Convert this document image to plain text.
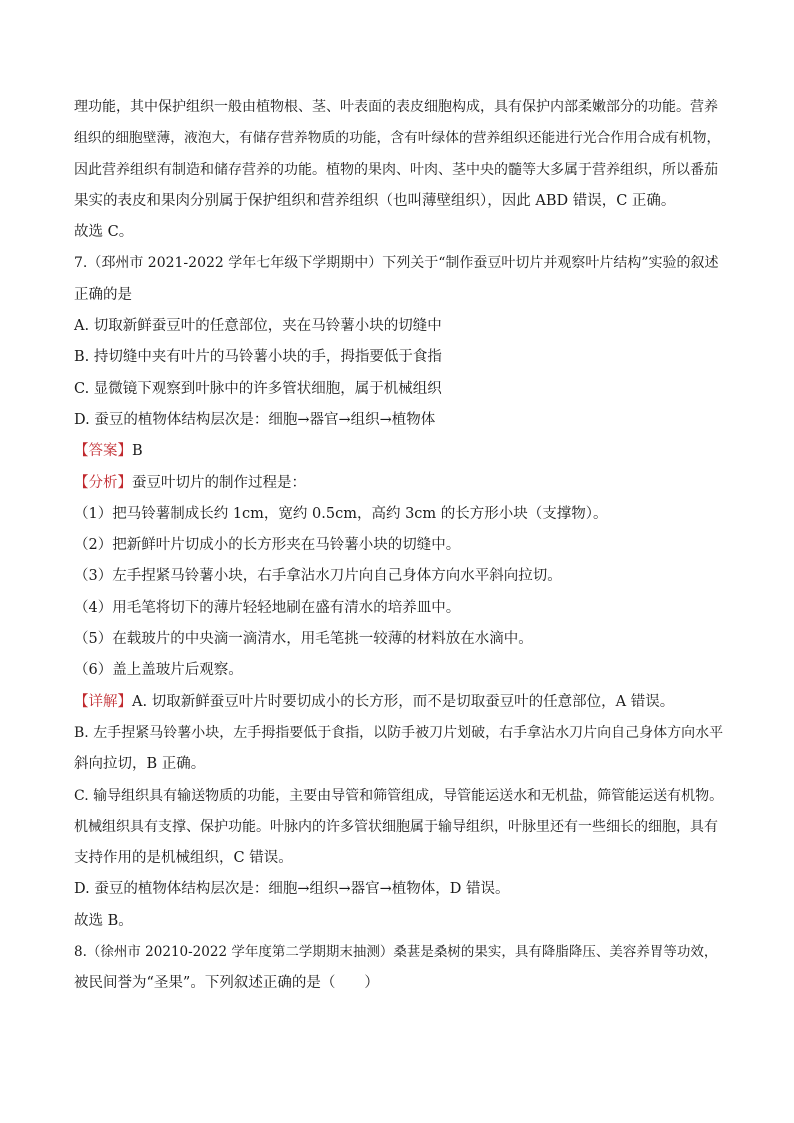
理功能，其中保护组织一般由植物根、茎、叶表面的表皮细胞构成，具有保护内部柔嫩部分的功能。营养
组织的细胞壁薄，液泡大，有储存营养物质的功能，含有叶绿体的营养组织还能进行光合作用合成有机物，
因此营养组织有制造和储存营养的功能。植物的果肉、叶肉、茎中央的髓等大多属于营养组织，所以番茄
果实的表皮和果肉分别属于保护组织和营养组织（也叫薄壁组织），因此 ABD 错误，C 正确。
故选 C。
7.（邳州市 2021-2022 学年七年级下学期期中）下列关于“制作蚕豆叶切片并观察叶片结构”实验的叙述
正确的是
A. 切取新鲜蚕豆叶的任意部位，夹在马铃薯小块的切缝中
B. 持切缝中夹有叶片的马铃薯小块的手，拇指要低于食指
C. 显微镜下观察到叶脉中的许多管状细胞，属于机械组织
D. 蚕豆的植物体结构层次是：细胞→器官→组织→植物体
【答案】B
【分析】蚕豆叶切片的制作过程是：
（1）把马铃薯制成长约 1cm，宽约 0.5cm，高约 3cm 的长方形小块（支撑物）。
（2）把新鲜叶片切成小的长方形夹在马铃薯小块的切缝中。
（3）左手捏紧马铃薯小块，右手拿沾水刀片向自己身体方向水平斜向拉切。
（4）用毛笔将切下的薄片轻轻地刷在盛有清水的培养皿中。
（5）在载玻片的中央滴一滴清水，用毛笔挑一较薄的材料放在水滴中。
（6）盖上盖玻片后观察。
【详解】A. 切取新鲜蚕豆叶片时要切成小的长方形，而不是切取蚕豆叶的任意部位，A 错误。
B. 左手捏紧马铃薯小块，左手拇指要低于食指，以防手被刀片划破，右手拿沾水刀片向自己身体方向水平
斜向拉切，B 正确。
C. 输导组织具有输送物质的功能，主要由导管和筛管组成，导管能运送水和无机盐，筛管能运送有机物。
机械组织具有支撑、保护功能。叶脉内的许多管状细胞属于输导组织，叶脉里还有一些细长的细胞，具有
支持作用的是机械组织，C 错误。
D. 蚕豆的植物体结构层次是：细胞→组织→器官→植物体，D 错误。
故选 B。
8.（徐州市 20210-2022 学年度第二学期期末抽测）桑葚是桑树的果实，具有降脂降压、美容养胃等功效，
被民间誉为“圣果”。下列叙述正确的是（　　）
